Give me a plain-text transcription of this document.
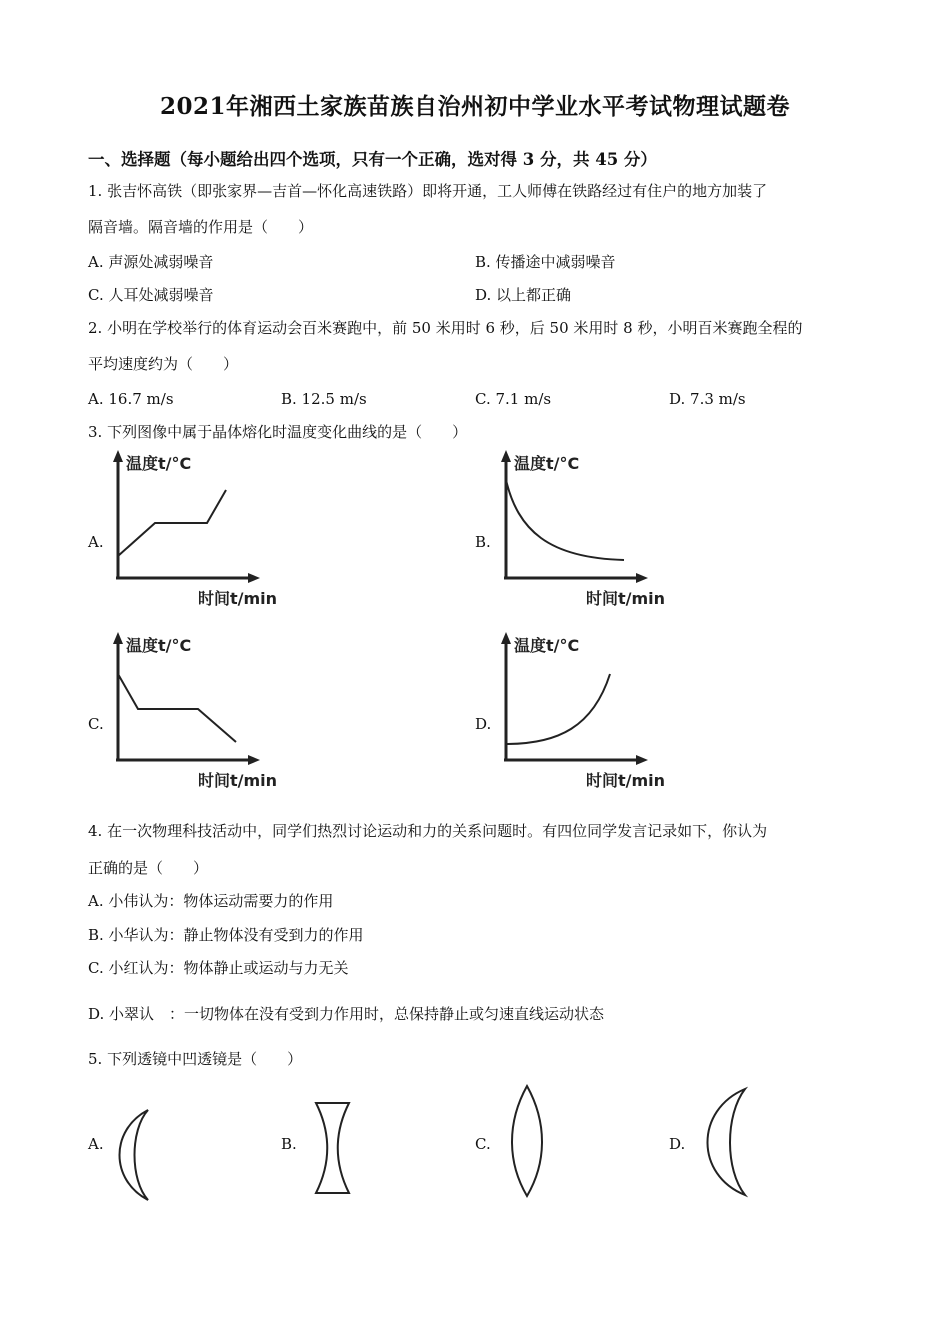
2021年湘西土家族苗族自治州初中学业水平考试物理试题卷
一、选择题（每小题给出四个选项，只有一个正确，选对得 3 分，共 45 分）
1. 张吉怀高铁（即张家界—吉首—怀化高速铁路）即将开通，工人师傅在铁路经过有住户的地方加装了
隔音墙。隔音墙的作用是（　　）
A. 声源处减弱噪音	B. 传播途中减弱噪音
C. 人耳处减弱噪音	D. 以上都正确
2. 小明在学校举行的体育运动会百米赛跑中，前 50 米用时 6 秒，后 50 米用时 8 秒，小明百米赛跑全程的
平均速度约为（　　）
A. 16.7 m/s	B. 12.5 m/s	C. 7.1 m/s	D. 7.3 m/s
3. 下列图像中属于晶体熔化时温度变化曲线的是（　　）
A.
温度t/°C
时间t/min
B.
温度t/°C
时间t/min
C.
温度t/°C
时间t/min
D.
温度t/°C
时间t/min
4. 在一次物理科技活动中，同学们热烈讨论运动和力的关系问题时。有四位同学发言记录如下，你认为
正确的是（　　）
A. 小伟认为：物体运动需要力的作用
B. 小华认为：静止物体没有受到力的作用
C. 小红认为：物体静止或运动与力无关
D. 小翠认　：一切物体在没有受到力作用时，总保持静止或匀速直线运动状态
5. 下列透镜中凹透镜是（　　）
A.	B.	C.	D.
